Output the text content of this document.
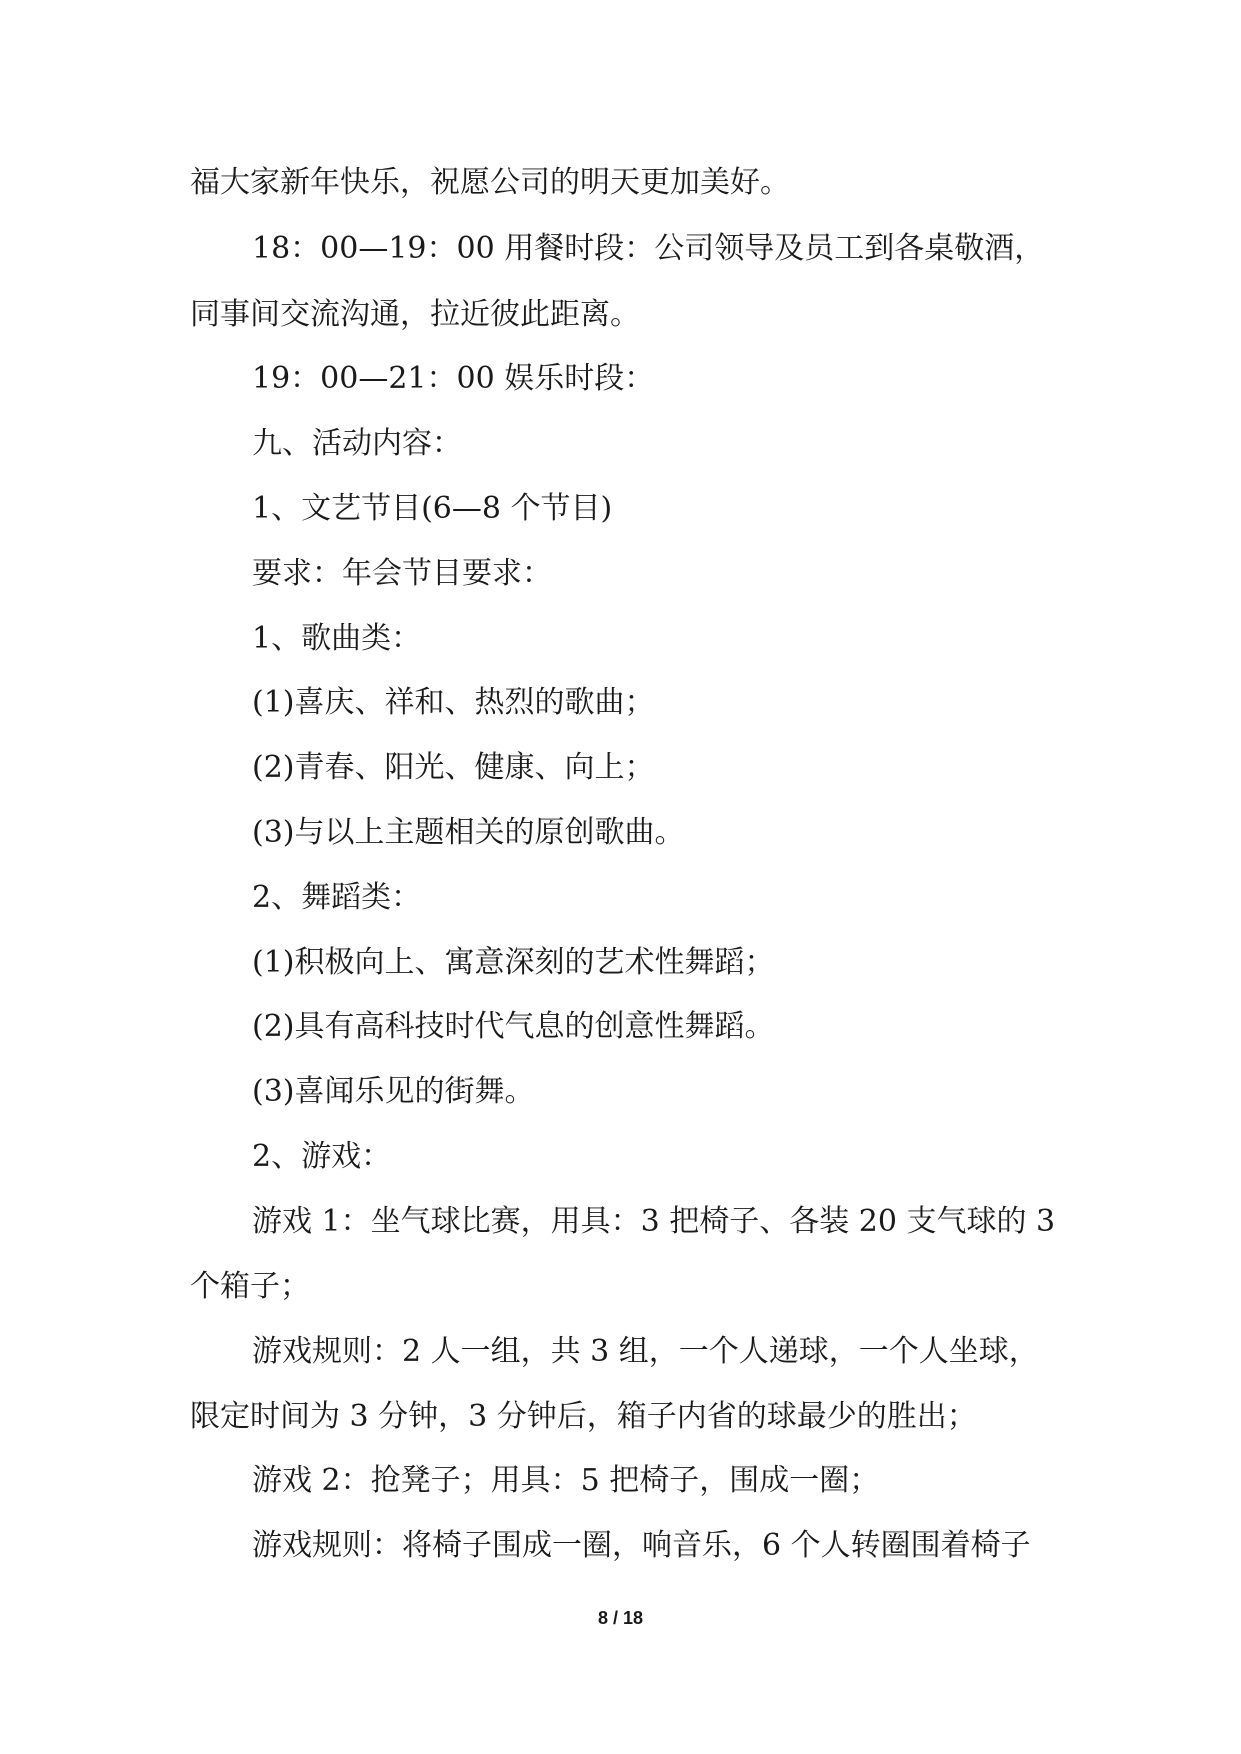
福大家新年快乐，祝愿公司的明天更加美好。
18：00—19：00 用餐时段：公司领导及员工到各桌敬酒，
同事间交流沟通，拉近彼此距离。
19：00—21：00 娱乐时段：
九、活动内容：
1、文艺节目(6—8 个节目)
要求：年会节目要求：
1、歌曲类：
(1)喜庆、祥和、热烈的歌曲；
(2)青春、阳光、健康、向上；
(3)与以上主题相关的原创歌曲。
2、舞蹈类：
(1)积极向上、寓意深刻的艺术性舞蹈；
(2)具有高科技时代气息的创意性舞蹈。
(3)喜闻乐见的街舞。
2、游戏：
游戏 1：坐气球比赛，用具：3 把椅子、各装 20 支气球的 3
个箱子；
游戏规则：2 人一组，共 3 组，一个人递球，一个人坐球，
限定时间为 3 分钟，3 分钟后，箱子内省的球最少的胜出；
游戏 2：抢凳子；用具：5 把椅子，围成一圈；
游戏规则：将椅子围成一圈，响音乐，6 个人转圈围着椅子
8 / 18
